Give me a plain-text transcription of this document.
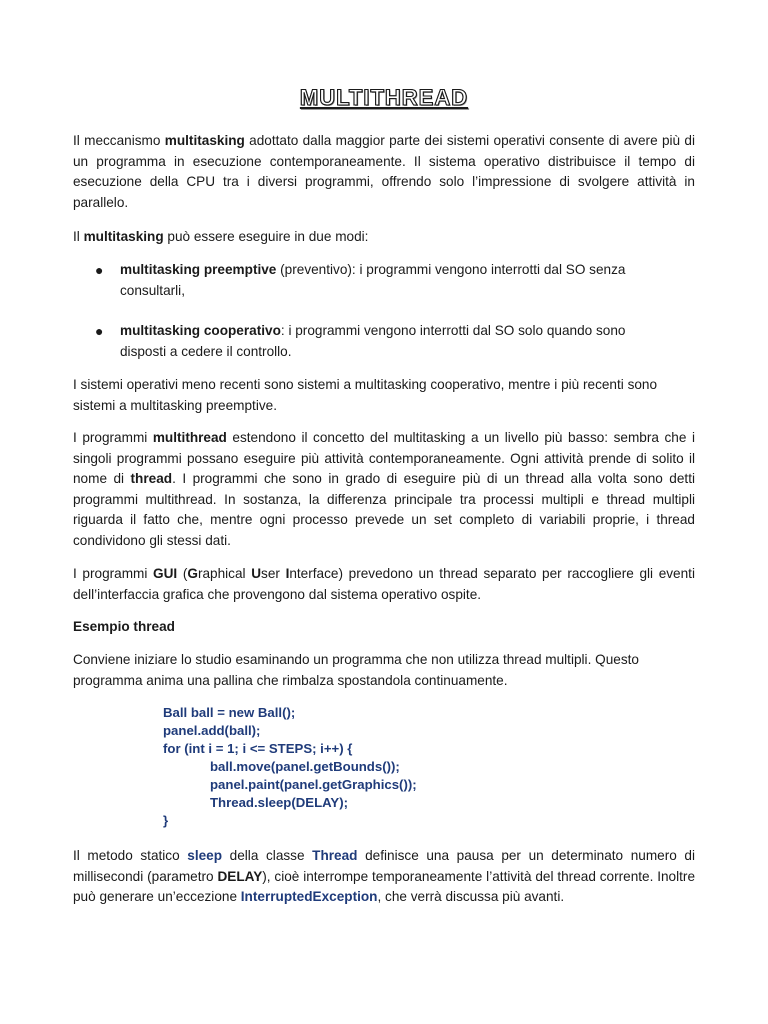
MULTITHREAD

Il meccanismo multitasking adottato dalla maggior parte dei sistemi operativi consente di avere più di un programma in esecuzione contemporaneamente. Il sistema operativo distribuisce il tempo di esecuzione della CPU tra i diversi programmi, offrendo solo l’impressione di svolgere attività in parallelo.

Il multitasking può essere eseguire in due modi:

● multitasking preemptive (preventivo): i programmi vengono interrotti dal SO senza consultarli,
● multitasking cooperativo: i programmi vengono interrotti dal SO solo quando sono disposti a cedere il controllo.

I sistemi operativi meno recenti sono sistemi a multitasking cooperativo, mentre i più recenti sono sistemi a multitasking preemptive.

I programmi multithread estendono il concetto del multitasking a un livello più basso: sembra che i singoli programmi possano eseguire più attività contemporaneamente. Ogni attività prende di solito il nome di thread. I programmi che sono in grado di eseguire più di un thread alla volta sono detti programmi multithread. In sostanza, la differenza principale tra processi multipli e thread multipli riguarda il fatto che, mentre ogni processo prevede un set completo di variabili proprie, i thread condividono gli stessi dati.

I programmi GUI (Graphical User Interface) prevedono un thread separato per raccogliere gli eventi dell’interfaccia grafica che provengono dal sistema operativo ospite.

Esempio thread

Conviene iniziare lo studio esaminando un programma che non utilizza thread multipli. Questo programma anima una pallina che rimbalza spostandola continuamente.

Ball ball = new Ball();
panel.add(ball);
for (int i = 1; i <= STEPS; i++) {
ball.move(panel.getBounds());
panel.paint(panel.getGraphics());
Thread.sleep(DELAY);
}

Il metodo statico sleep della classe Thread definisce una pausa per un determinato numero di millisecondi (parametro DELAY), cioè interrompe temporaneamente l’attività del thread corrente. Inoltre può generare un’eccezione InterruptedException, che verrà discussa più avanti.
